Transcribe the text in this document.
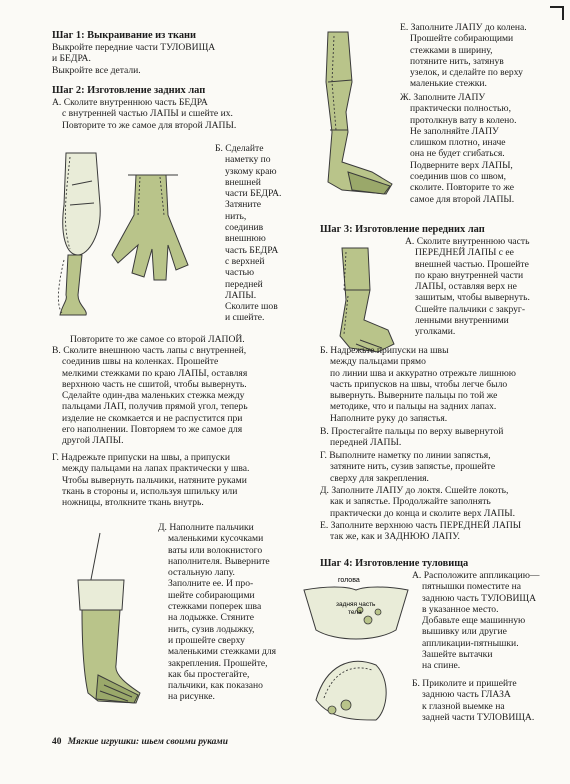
Шаг 1: Выкраивание из ткани

Выкройте передние части ТУЛОВИЩА
и БЕДРА.
Выкройте все детали.

Шаг 2: Изготовление задних лап

А. Сколите внутреннюю часть БЕДРА
с внутренней частью ЛАПЫ и сшейте их.
Повторите то же самое для второй ЛАПЫ.
Б. Сделайте
наметку по
узкому краю
внешней
части БЕДРА.
Затяните
нить,
соединив
внешнюю
часть БЕДРА
с верхней
частью
передней
ЛАПЫ.
Сколите шов
и сшейте.
Повторите то же самое со второй ЛАПОЙ.
В. Сколите внешнюю часть лапы с внутренней,
соединив швы на коленках. Прошейте
мелкими стежками по краю ЛАПЫ, оставляя
верхнюю часть не сшитой, чтобы вывернуть.
Сделайте один-два маленьких стежка между
пальцами ЛАП, получив прямой угол, теперь
изделие не скомкается и не распустится при
его наполнении. Повторяем то же самое для
другой ЛАПЫ.
Г. Надрежьте припуски на швы, а припуски
между пальцами на лапах практически у шва.
Чтобы вывернуть пальчики, натяните руками
ткань в стороны и, используя шпильку или
ножницы, втолкните ткань внутрь.
Д. Наполните пальчики
маленькими кусочками
ваты или волокнистого
наполнителя. Выверните
остальную лапу.
Заполните ее. И про-
шейте собирающими
стежками поперек шва
на лодыжке. Стяните
нить, сузив лодыжку,
и прошейте сверху
маленькими стежками для
закрепления. Прошейте,
как бы простегайте,
пальчики, как показано
на рисунке.
Е. Заполните ЛАПУ до колена.
Прошейте собирающими
стежками в ширину,
потяните нить, затянув
узелок, и сделайте по верху
маленькие стежки.
Ж. Заполните ЛАПУ
практически полностью,
протолкнув вату в колено.
Не заполняйте ЛАПУ
слишком плотно, иначе
она не будет сгибаться.
Подверните верх ЛАПЫ,
соединив шов со швом,
сколите. Повторите то же
самое для второй ЛАПЫ.

Шаг 3: Изготовление передних лап

А. Сколите внутреннюю часть
ПЕРЕДНЕЙ ЛАПЫ с ее
внешней частью. Прошейте
по краю внутренней части
ЛАПЫ, оставляя верх не
зашитым, чтобы вывернуть.
Сшейте пальчики с закруг-
ленными внутренними
уголками.
Б. Надрежьте припуски на швы
между пальцами прямо
по линии шва и аккуратно отрежьте лишнюю
часть припусков на швы, чтобы легче было
вывернуть. Выверните пальцы по той же
методике, что и пальцы на задних лапах.
Наполните руку до запястья.
В. Простегайте пальцы по верху вывернутой
передней ЛАПЫ.
Г. Выполните наметку по линии запястья,
затяните нить, сузив запястье, прошейте
сверху для закрепления.
Д. Заполните ЛАПУ до локтя. Сшейте локоть,
как и запястье. Продолжайте заполнять
практически до конца и сколите верх ЛАПЫ.
Е. Заполните верхнюю часть ПЕРЕДНЕЙ ЛАПЫ
так же, как и ЗАДНЮЮ ЛАПУ.

Шаг 4: Изготовление туловища

голова
задняя часть тела
А. Расположите аппликацию—
пятнышки поместите на
заднюю часть ТУЛОВИЩА
в указанное место.
Добавьте еще машинную
вышивку или другие
аппликации-пятнышки.
Зашейте вытачки
на спине.
Б. Приколите и пришейте
заднюю часть ГЛАЗА
к глазной выемке на
задней части ТУЛОВИЩА.
40 Мягкие игрушки: шьем своими руками
